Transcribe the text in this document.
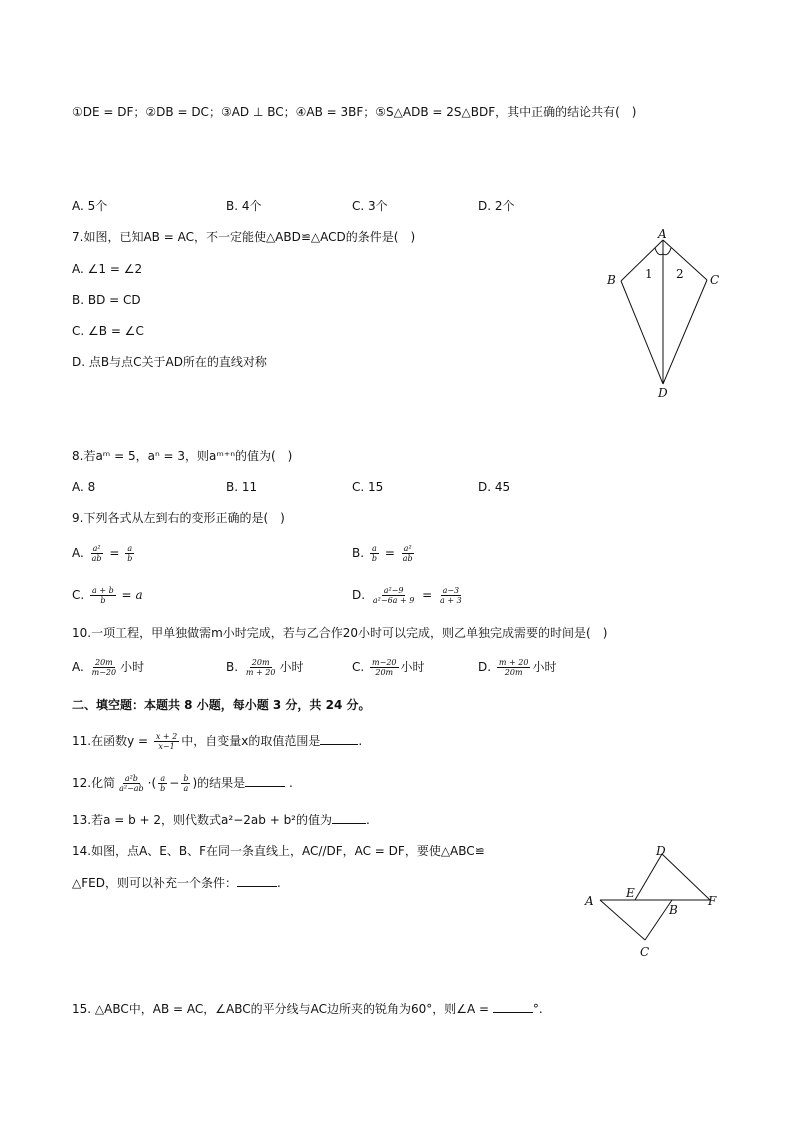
①DE = DF；②DB = DC；③AD ⊥ BC；④AB = 3BF；⑤S△ADB = 2S△BDF，其中正确的结论共有(　)
A. 5个	B. 4个	C. 3个	D. 2个
7.如图，已知AB = AC，不一定能使△ABD≌△ACD的条件是(　)
A. ∠1 = ∠2
B. BD = CD
C. ∠B = ∠C
D. 点B与点C关于AD所在的直线对称
A
B	C
D
1 2
8.若aᵐ = 5，aⁿ = 3，则aᵐ⁺ⁿ的值为(　)
A. 8	B. 11	C. 15	D. 45
9.下列各式从左到右的变形正确的是(　)
A. $\frac{\text{a²}}{ab} = \frac{a}{b}$	B. $\frac{a}{b} = \frac{\text{a²}}{ab}$
C. $\frac{a + b}{b} = a$	D. $\frac{\text{a²−9}}{\text{a²−6a + 9}} = \frac{a-3}{a + 3}$
10.一项工程，甲单独做需m小时完成，若与乙合作20小时可以完成，则乙单独完成需要的时间是(　)
A. $\frac{20m}{m-20}$ 小时	B. $\frac{20m}{m + 20}$ 小时	C. $\frac{m-20}{20m}$ 小时	D. $\frac{m + 20}{20m}$ 小时
二、填空题：本题共 8 小题，每小题 3 分，共 24 分。
11.在函数$y = \frac{x + 2}{x-1}$ 中，自变量x的取值范围是	.
12.化简 $\frac{\text{a²b}}{\text{a²−ab}}$ ·( $\frac{a}{b} - \frac{b}{a}$ )的结果是	.
13.若a = b + 2，则代数式a²−2ab + b²的值为	.
14.如图，点A、E、B、F在同一条直线上，AC//DF，AC = DF，要使△ABC≌
△FED，则可以补充一个条件：	.
A
E
B
F
C
D
15. △ABC中，AB = AC，∠ABC的平分线与AC边所夹的锐角为60°，则∠A =	°.
